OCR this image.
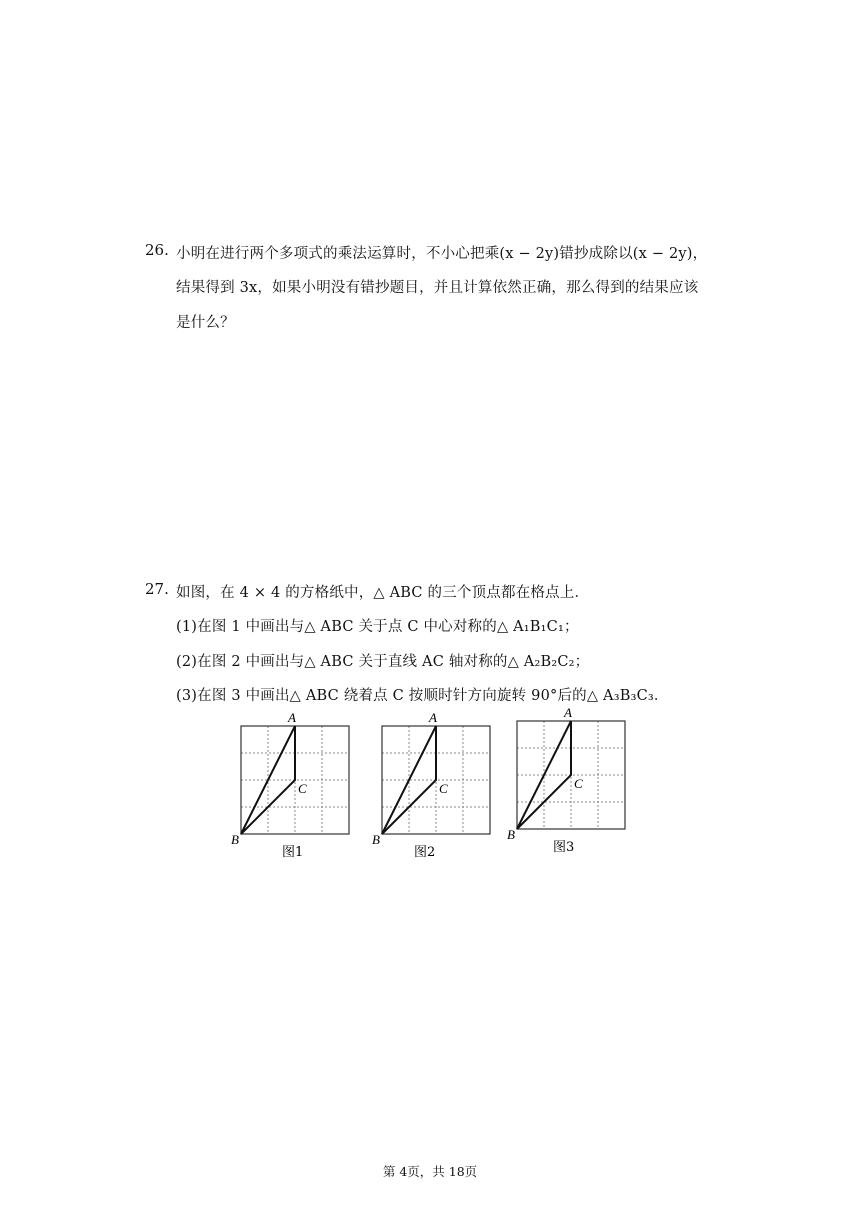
26. 小明在进行两个多项式的乘法运算时，不小心把乘(x − 2y)错抄成除以(x − 2y)，
结果得到 3x，如果小明没有错抄题目，并且计算依然正确，那么得到的结果应该
是什么？
27. 如图，在 4 × 4 的方格纸中，△ ABC 的三个顶点都在格点上．
(1)在图 1 中画出与△ ABC 关于点 C 中心对称的△ A₁B₁C₁；
(2)在图 2 中画出与△ ABC 关于直线 AC 轴对称的△ A₂B₂C₂；
(3)在图 3 中画出△ ABC 绕着点 C 按顺时针方向旋转 90°后的△ A₃B₃C₃．
A
C
B
图1
A
C
B
图2
A
C
B
图3
第 4页，共 18页
